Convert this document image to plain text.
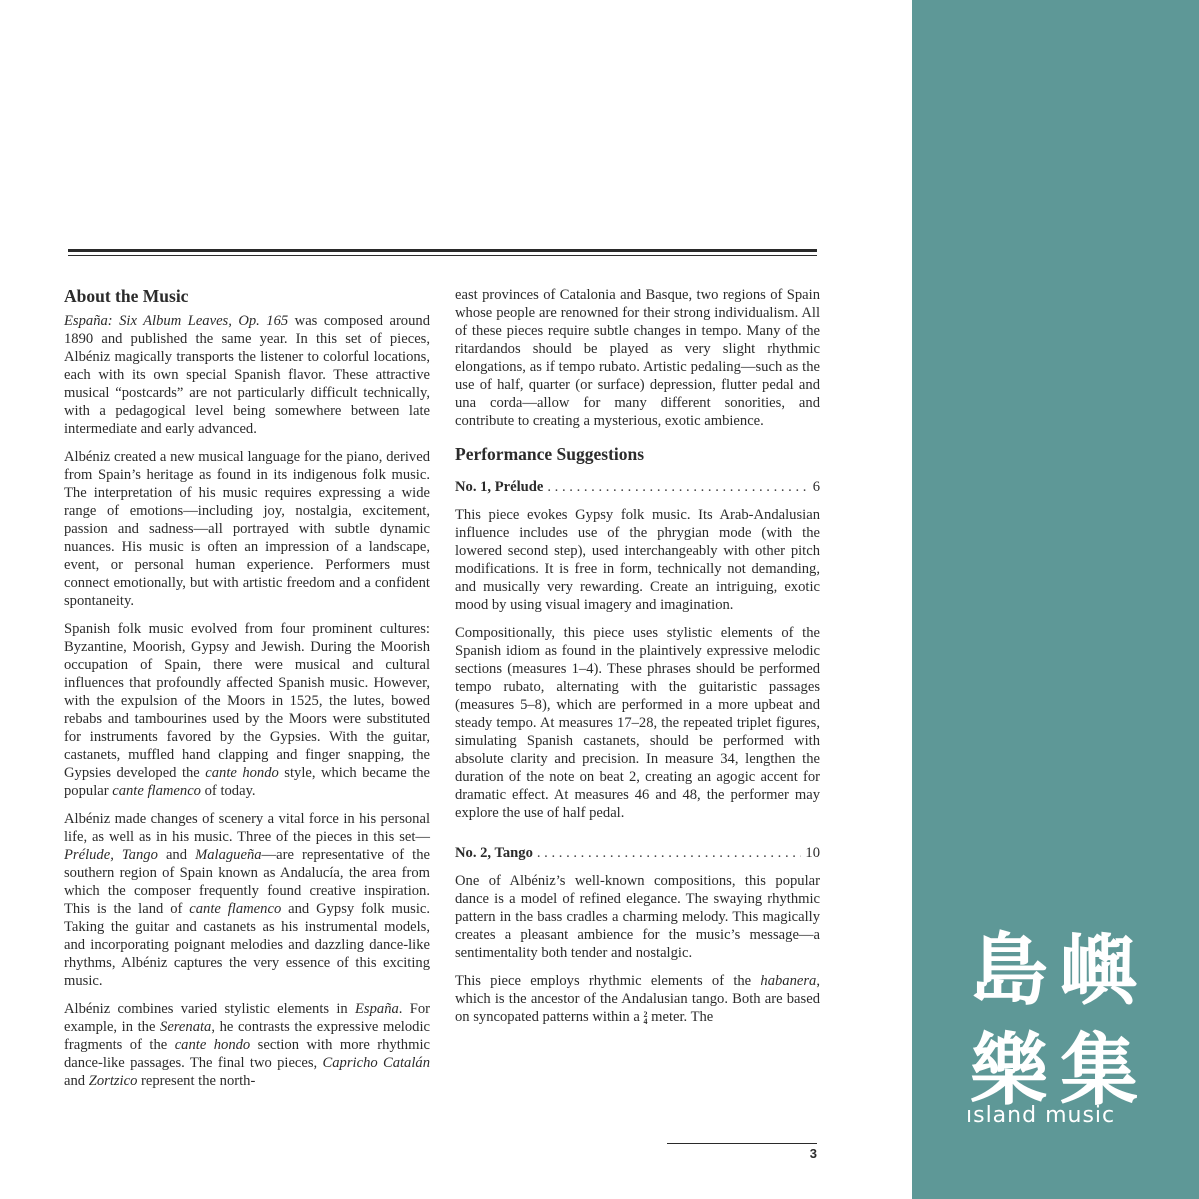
About the Music

España: Six Album Leaves, Op. 165 was composed around 1890 and published the same year. In this set of pieces, Albéniz magically transports the listener to colorful locations, each with its own special Spanish flavor. These attractive musical “postcards” are not particularly difficult technically, with a pedagogical level being somewhere between late intermediate and early advanced.

Albéniz created a new musical language for the piano, derived from Spain’s heritage as found in its indigenous folk music. The interpretation of his music requires expressing a wide range of emotions—including joy, nostalgia, excitement, passion and sadness—all portrayed with subtle dynamic nuances. His music is often an impression of a landscape, event, or personal human experience. Performers must connect emotionally, but with artistic freedom and a confident spontaneity.

Spanish folk music evolved from four prominent cultures: Byzantine, Moorish, Gypsy and Jewish. During the Moorish occupation of Spain, there were musical and cultural influences that profoundly affected Spanish music. However, with the expulsion of the Moors in 1525, the lutes, bowed rebabs and tambourines used by the Moors were substituted for instruments favored by the Gypsies. With the guitar, castanets, muffled hand clapping and finger snapping, the Gypsies developed the cante hondo style, which became the popular cante flamenco of today.

Albéniz made changes of scenery a vital force in his personal life, as well as in his music. Three of the pieces in this set—Prélude, Tango and Malagueña—are representative of the southern region of Spain known as Andalucía, the area from which the composer frequently found creative inspiration. This is the land of cante flamenco and Gypsy folk music. Taking the guitar and castanets as his instrumental models, and incorporating poignant melodies and dazzling dance-like rhythms, Albéniz captures the very essence of this exciting music.

Albéniz combines varied stylistic elements in España. For example, in the Serenata, he contrasts the expressive melodic fragments of the cante hondo section with more rhythmic dance-like passages. The final two pieces, Capricho Catalán and Zortzico represent the north-

east provinces of Catalonia and Basque, two regions of Spain whose people are renowned for their strong individualism. All of these pieces require subtle changes in tempo. Many of the ritardandos should be played as very slight rhythmic elongations, as if tempo rubato. Artistic pedaling—such as the use of half, quarter (or surface) depression, flutter pedal and una corda—allow for many different sonorities, and contribute to creating a mysterious, exotic ambience.

Performance Suggestions
No. 1, Prélude . . .	6

This piece evokes Gypsy folk music. Its Arab-Andalusian influence includes use of the phrygian mode (with the lowered second step), used interchangeably with other pitch modifications. It is free in form, technically not demanding, and musically very rewarding. Create an intriguing, exotic mood by using visual imagery and imagination.

Compositionally, this piece uses stylistic elements of the Spanish idiom as found in the plaintively expressive melodic sections (measures 1–4). These phrases should be performed tempo rubato, alternating with the guitaristic passages (measures 5–8), which are performed in a more upbeat and steady tempo. At measures 17–28, the repeated triplet figures, simulating Spanish castanets, should be performed with absolute clarity and precision. In measure 34, lengthen the duration of the note on beat 2, creating an agogic accent for dramatic effect. At measures 46 and 48, the performer may explore the use of half pedal.

No. 2, Tango . . .	10

One of Albéniz’s well-known compositions, this popular dance is a model of refined elegance. The swaying rhythmic pattern in the bass cradles a charming melody. This magically creates a pleasant ambience for the music’s message—a sentimentality both tender and nostalgic.

This piece employs rhythmic elements of the habanera, which is the ancestor of the Andalusian tango. Both are based on syncopated patterns within a 2
4 meter. The

3
島 嶼
樂 集
ısland music
